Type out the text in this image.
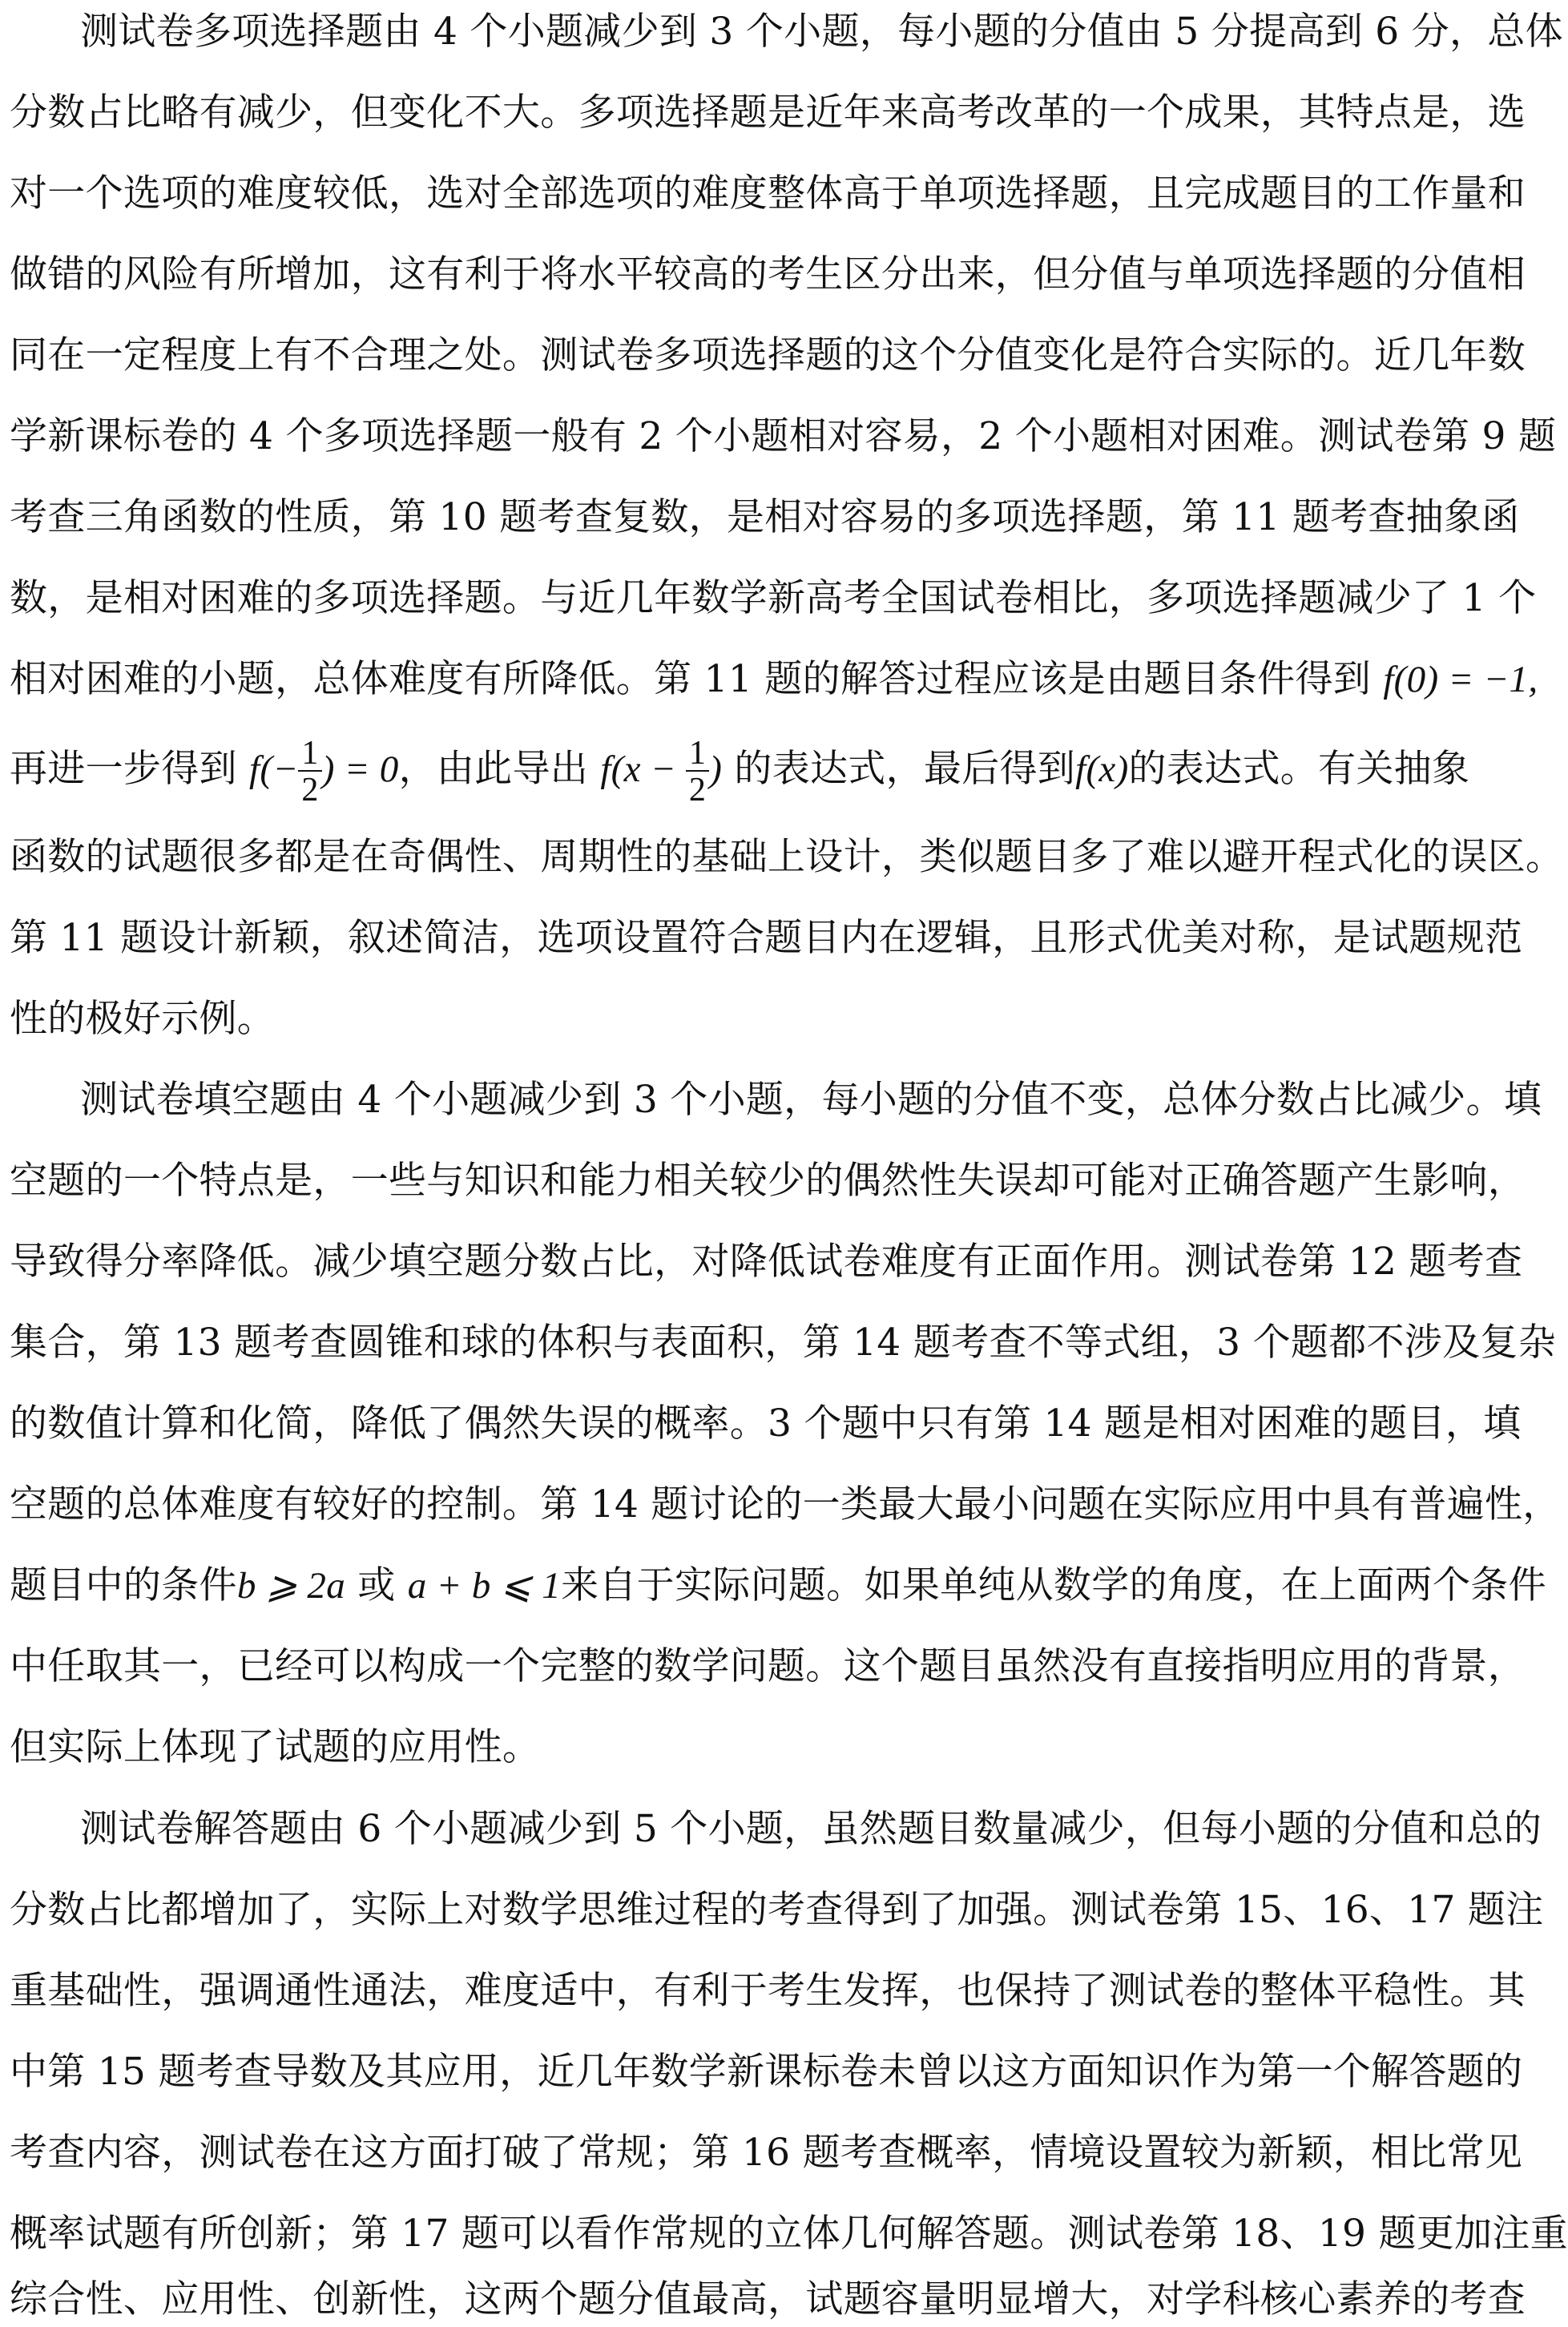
测试卷多项选择题由 4 个小题减少到 3 个小题，每小题的分值由 5 分提高到 6 分，总体
分数占比略有减少，但变化不大。多项选择题是近年来高考改革的一个成果，其特点是，选
对一个选项的难度较低，选对全部选项的难度整体高于单项选择题，且完成题目的工作量和
做错的风险有所增加，这有利于将水平较高的考生区分出来，但分值与单项选择题的分值相
同在一定程度上有不合理之处。测试卷多项选择题的这个分值变化是符合实际的。近几年数
学新课标卷的 4 个多项选择题一般有 2 个小题相对容易，2 个小题相对困难。测试卷第 9 题
考查三角函数的性质，第 10 题考查复数，是相对容易的多项选择题，第 11 题考查抽象函
数，是相对困难的多项选择题。与近几年数学新高考全国试卷相比，多项选择题减少了 1 个
相对困难的小题，总体难度有所降低。第 11 题的解答过程应该是由题目条件得到 f(0) = −1,
再进一步得到 $f(- \frac{1}{2}$ ) = 0，由此导出 $f(x - \frac{1}{2}$ ) 的表达式，最后得到f(x)的表达式。有关抽象
函数的试题很多都是在奇偶性、周期性的基础上设计，类似题目多了难以避开程式化的误区。
第 11 题设计新颖，叙述简洁，选项设置符合题目内在逻辑，且形式优美对称，是试题规范
性的极好示例。
测试卷填空题由 4 个小题减少到 3 个小题，每小题的分值不变，总体分数占比减少。填
空题的一个特点是，一些与知识和能力相关较少的偶然性失误却可能对正确答题产生影响，
导致得分率降低。减少填空题分数占比，对降低试卷难度有正面作用。测试卷第 12 题考查
集合，第 13 题考查圆锥和球的体积与表面积，第 14 题考查不等式组，3 个题都不涉及复杂
的数值计算和化简，降低了偶然失误的概率。3 个题中只有第 14 题是相对困难的题目，填
空题的总体难度有较好的控制。第 14 题讨论的一类最大最小问题在实际应用中具有普遍性，
题目中的条件b ⩾ 2a 或 a + b ⩽ 1来自于实际问题。如果单纯从数学的角度，在上面两个条件
中任取其一，已经可以构成一个完整的数学问题。这个题目虽然没有直接指明应用的背景，
但实际上体现了试题的应用性。
测试卷解答题由 6 个小题减少到 5 个小题，虽然题目数量减少，但每小题的分值和总的
分数占比都增加了，实际上对数学思维过程的考查得到了加强。测试卷第 15、16、17 题注
重基础性，强调通性通法，难度适中，有利于考生发挥，也保持了测试卷的整体平稳性。其
中第 15 题考查导数及其应用，近几年数学新课标卷未曾以这方面知识作为第一个解答题的
考查内容，测试卷在这方面打破了常规；第 16 题考查概率，情境设置较为新颖，相比常见
概率试题有所创新；第 17 题可以看作常规的立体几何解答题。测试卷第 18、19 题更加注重
综合性、应用性、创新性，这两个题分值最高，试题容量明显增大，对学科核心素养的考查
